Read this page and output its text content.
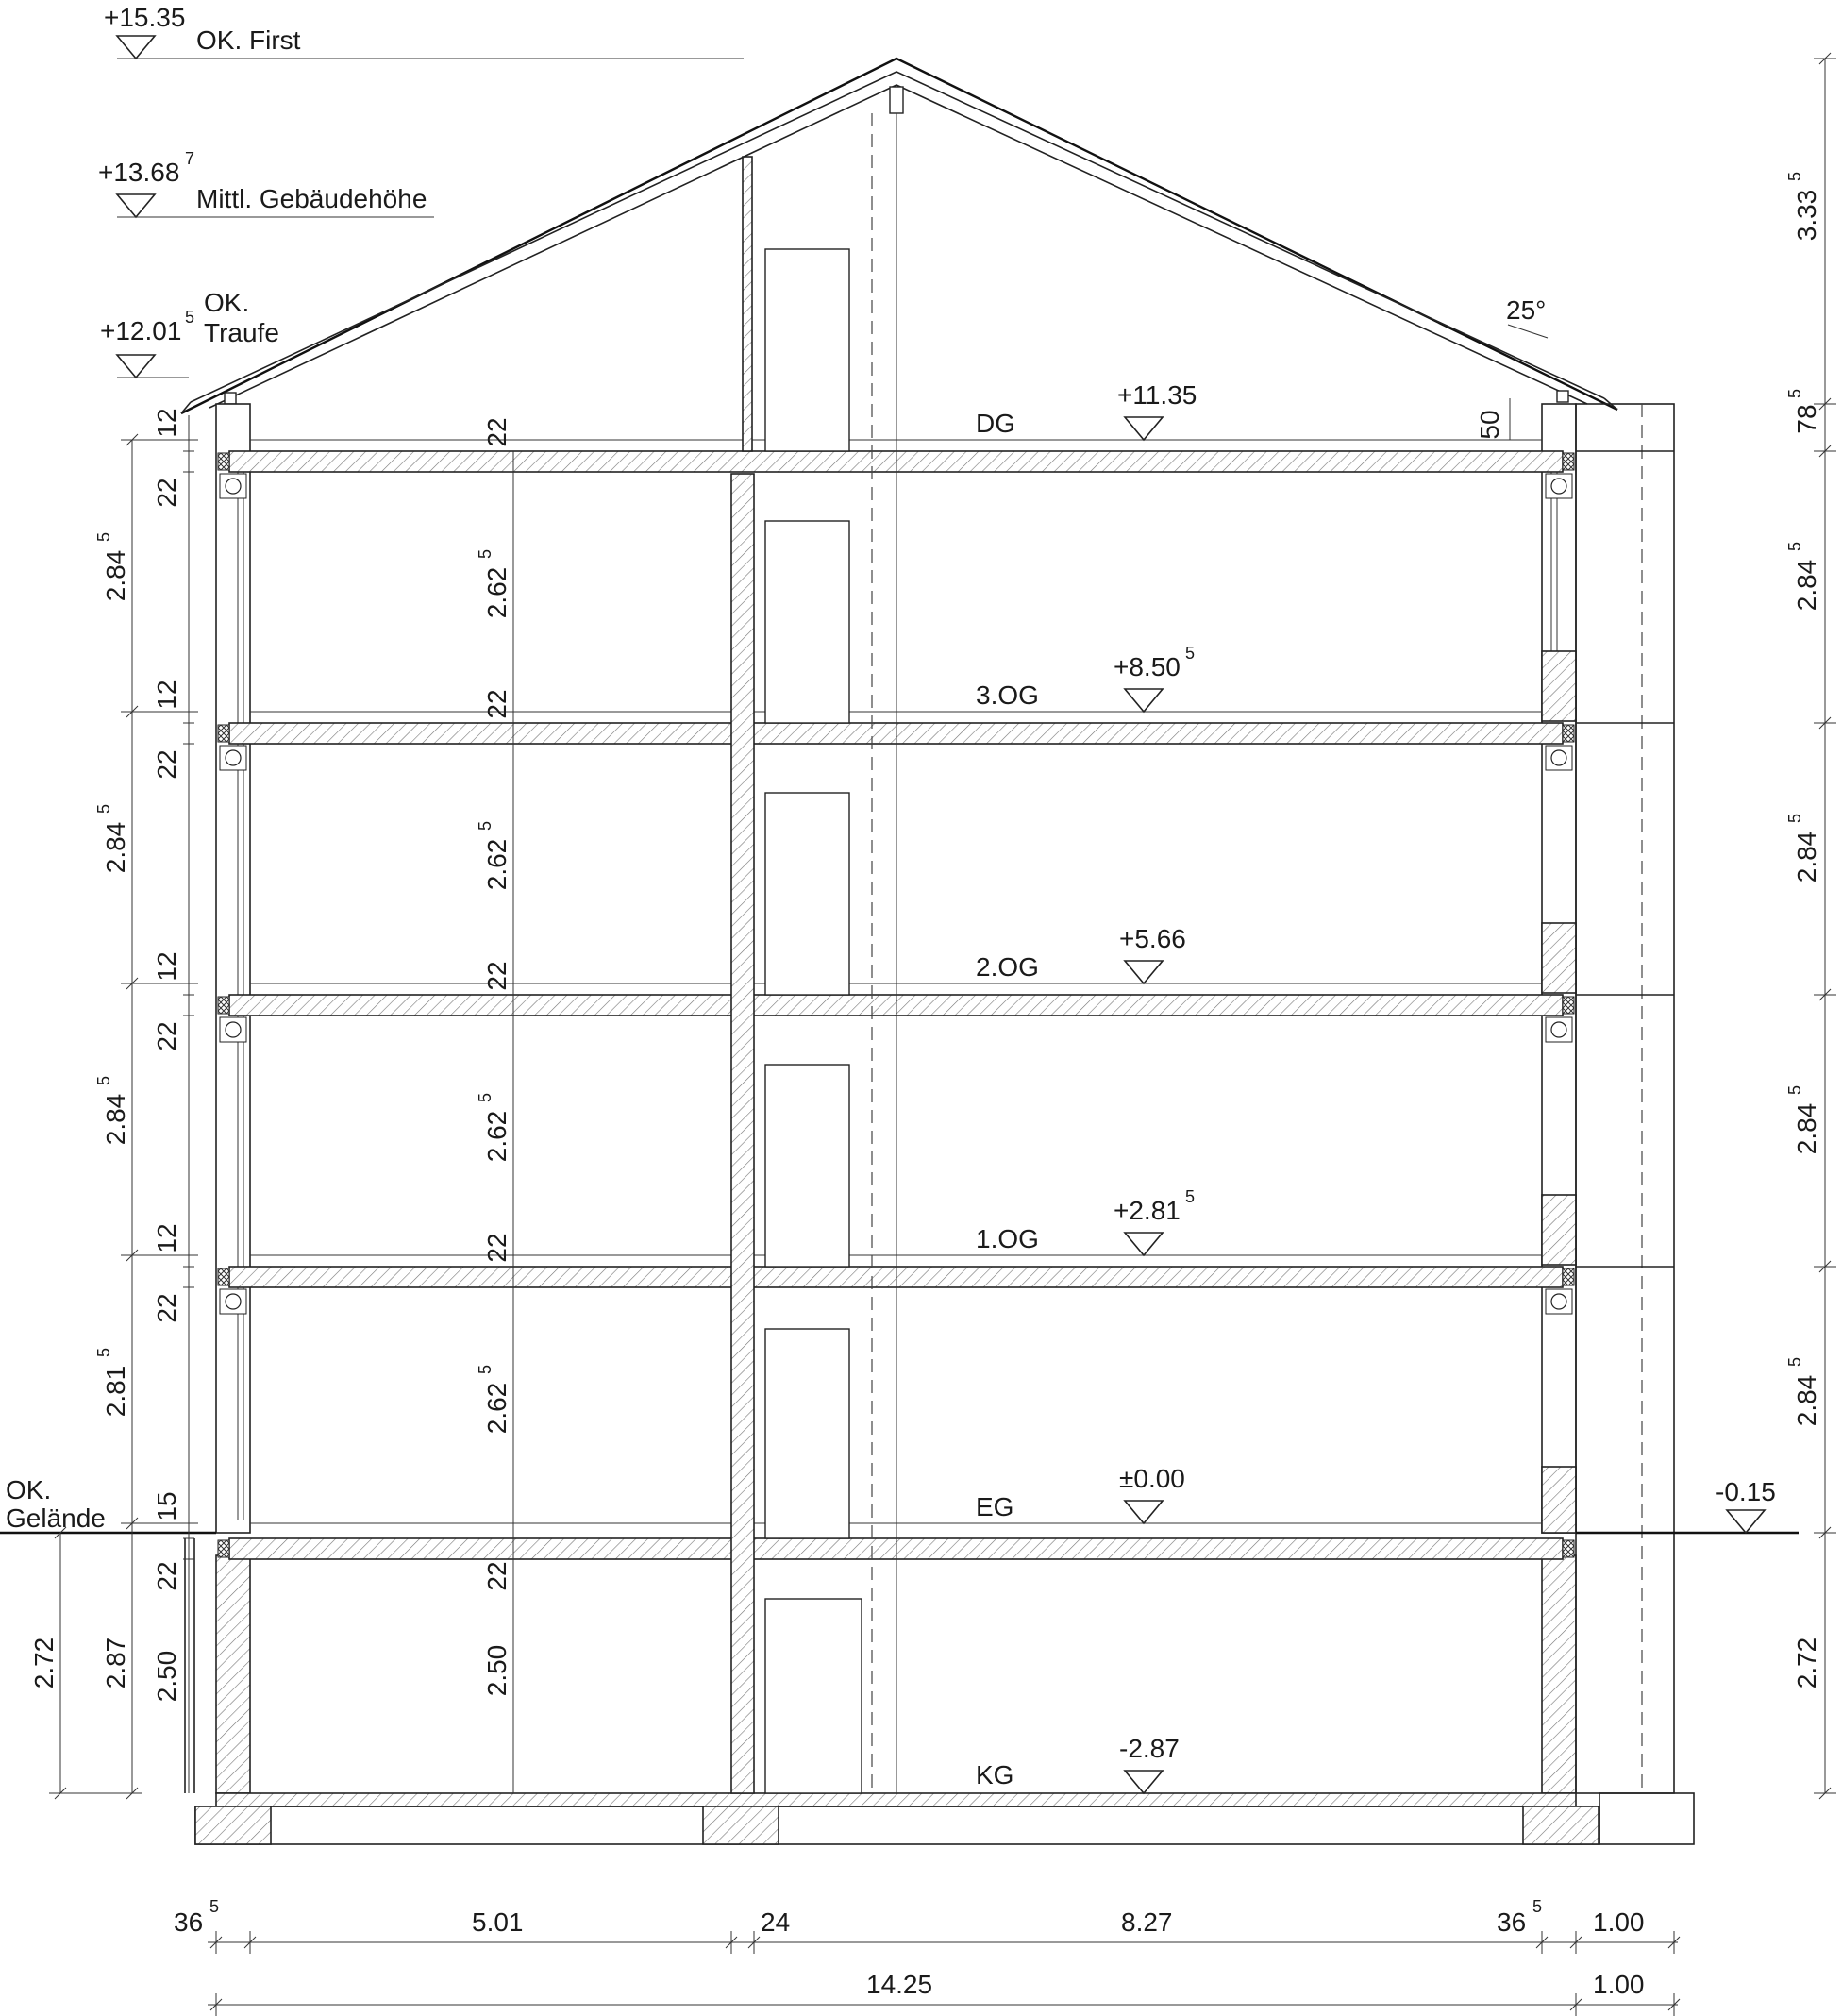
+15.35
OK. First
+13.68 7
Mittl. Gebäudehöhe
+12.01 5 OK.
Traufe
OK.
Gelände
-0.15
25°
DG
+11.35
3.OG
+8.50 5
2.OG
+5.66
1.OG
+2.81 5
EG
±0.00
KG
-2.87
2.84
5
2.84
5
2.84
5
2.81
5
2.87
2.72
12
22
12
22
12
22
12
22
15
22
2.50
22
22
22
22
22
2.62
5
2.62
5
2.62
5
2.62
5
2.50
50
3.33
5
78
5
2.84
5
2.84
5
2.84
5
2.84
5
2.72
36
5
5.01	24	8.27	36
5
1.00
14.25	1.00
